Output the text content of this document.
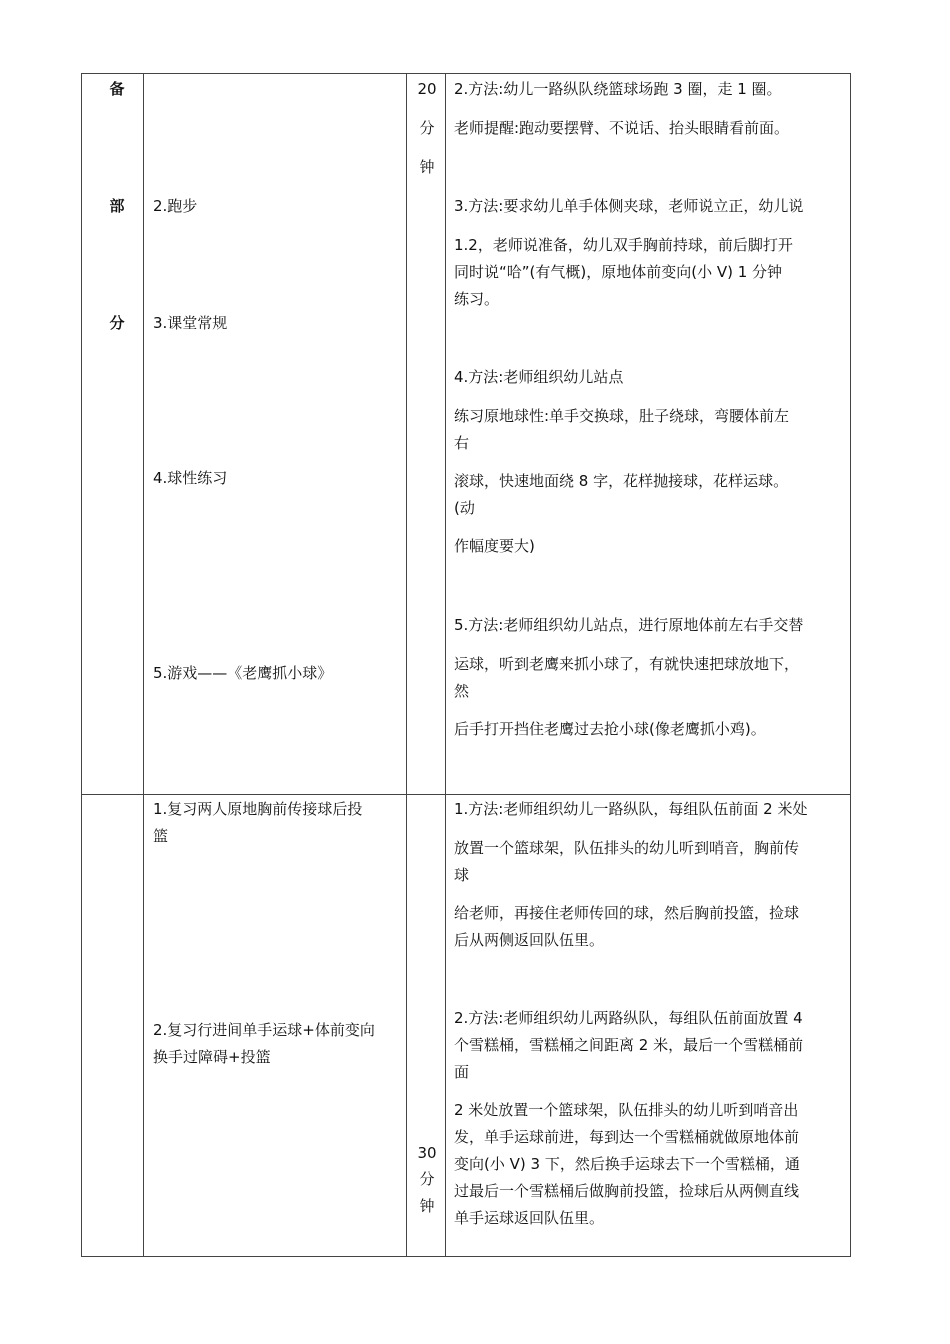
备
部
分
2.跑步
3.课堂常规
4.球性练习
5.游戏——《老鹰抓小球》
20
分
钟
2.方法:幼儿一路纵队绕篮球场跑 3 圈，走 1 圈。
老师提醒:跑动要摆臂、不说话、抬头眼睛看前面。
3.方法:要求幼儿单手体侧夹球，老师说立正，幼儿说
1.2，老师说准备，幼儿双手胸前持球，前后脚打开
同时说“哈”(有气概)，原地体前变向(小 V) 1 分钟
练习。
4.方法:老师组织幼儿站点
练习原地球性:单手交换球，肚子绕球，弯腰体前左
右
滚球，快速地面绕 8 字，花样抛接球，花样运球。
(动
作幅度要大)
5.方法:老师组织幼儿站点，进行原地体前左右手交替
运球，听到老鹰来抓小球了，有就快速把球放地下，
然
后手打开挡住老鹰过去抢小球(像老鹰抓小鸡)。
1.复习两人原地胸前传接球后投
篮
2.复习行进间单手运球+体前变向
换手过障碍+投篮
30
分
钟
1.方法:老师组织幼儿一路纵队，每组队伍前面 2 米处
放置一个篮球架，队伍排头的幼儿听到哨音，胸前传
球
给老师，再接住老师传回的球，然后胸前投篮，捡球
后从两侧返回队伍里。
2.方法:老师组织幼儿两路纵队，每组队伍前面放置 4
个雪糕桶，雪糕桶之间距离 2 米，最后一个雪糕桶前
面
2 米处放置一个篮球架，队伍排头的幼儿听到哨音出
发，单手运球前进，每到达一个雪糕桶就做原地体前
变向(小 V) 3 下，然后换手运球去下一个雪糕桶，通
过最后一个雪糕桶后做胸前投篮，捡球后从两侧直线
单手运球返回队伍里。
